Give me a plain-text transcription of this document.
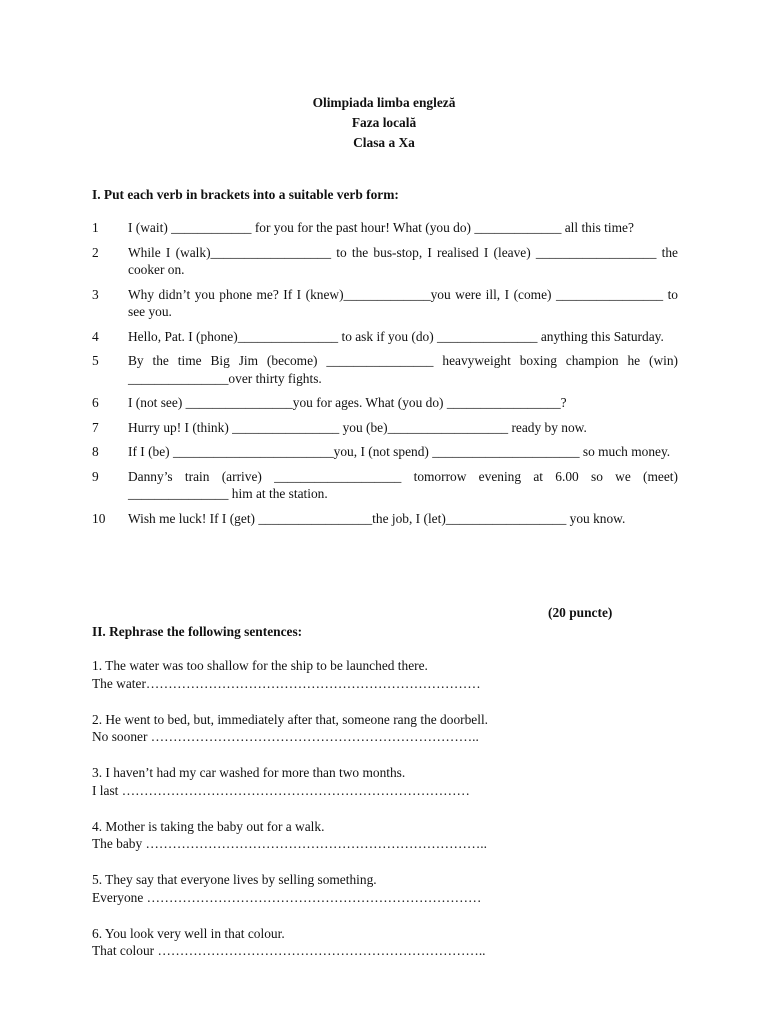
Olimpiada limba engleză
Faza locală
Clasa a Xa
I. Put each verb in brackets into a suitable verb form:
1 I (wait) ____________ for you for the past hour! What (you do) _____________ all this time?
2 While I (walk)__________________ to the bus-stop, I realised I (leave) __________________ the cooker on.
3 Why didn’t you phone me? If I (knew)_____________you were ill, I (come) ________________ to see you.
4 Hello, Pat. I (phone)_______________ to ask if you (do) _______________ anything this Saturday.
5 By the time Big Jim (become) ________________ heavyweight boxing champion he (win) _______________over thirty fights.
6 I (not see) ________________you for ages. What (you do) _________________?
7 Hurry up! I (think) ________________ you (be)__________________ ready by now.
8 If I (be) ________________________you, I (not spend) ______________________ so much money.
9 Danny’s train (arrive) ___________________ tomorrow evening at 6.00 so we (meet) _______________ him at the station.
10 Wish me luck! If I (get) _________________the job, I (let)__________________ you know.
(20 puncte)
II. Rephrase the following sentences:
1. The water was too shallow for the ship to be launched there.
The water…………………………………………………………………
2. He went to bed, but, immediately after that, someone rang the doorbell.
No sooner ………………………………………………………………..
3. I haven’t had my car washed for more than two months.
I last ……………………………………………………………………
4. Mother is taking the baby out for a walk.
The baby …………………………………………………………………..
5. They say that everyone lives by selling something.
Everyone …………………………………………………………………
6. You look very well in that colour.
That colour ………………………………………………………………..
